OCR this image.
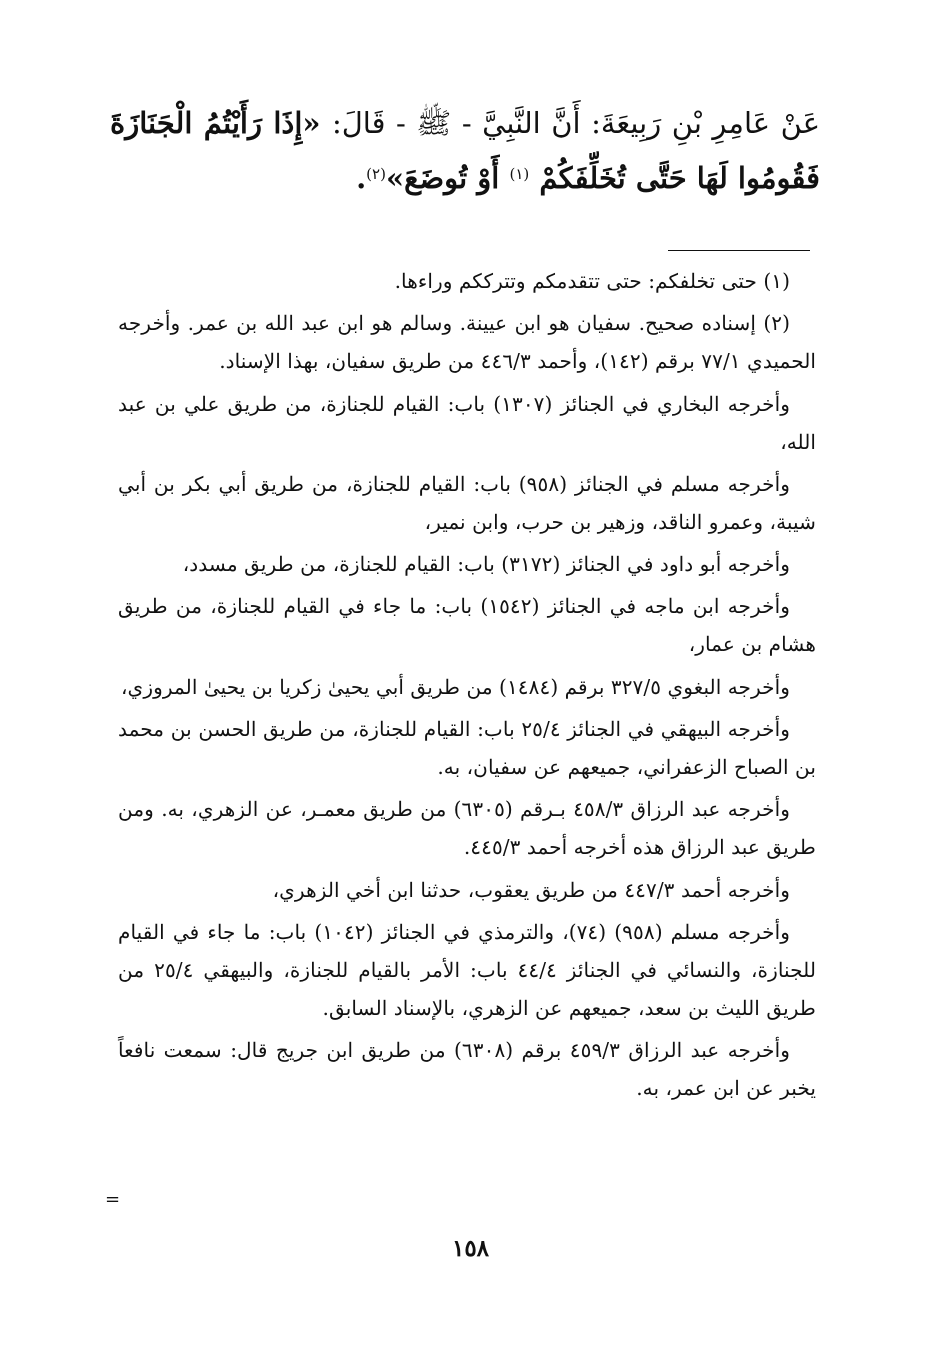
عَنْ عَامِرِ بْنِ رَبِيعَةَ: أَنَّ النَّبِيَّ - ﷺ - قَالَ: «إِذَا رَأَيْتُمُ الْجَنَازَةَ فَقُومُوا لَهَا حَتَّى تُخَلِّفَكُمْ $^{(١)}$ أَوْ تُوضَعَ»$^{(٢)}$.

(١) حتى تخلفكم: حتى تتقدمكم وتترككم وراءها.

(٢) إسناده صحيح. سفيان هو ابن عيينة. وسالم هو ابن عبد الله بن عمر. وأخرجه الحميدي ٧٧/١ برقم (١٤٢)، وأحمد ٤٤٦/٣ من طريق سفيان، بهذا الإسناد.

وأخرجه البخاري في الجنائز (١٣٠٧) باب: القيام للجنازة، من طريق علي بن عبد الله،

وأخرجه مسلم في الجنائز (٩٥٨) باب: القيام للجنازة، من طريق أبي بكر بن أبي شيبة، وعمرو الناقد، وزهير بن حرب، وابن نمير،

وأخرجه أبو داود في الجنائز (٣١٧٢) باب: القيام للجنازة، من طريق مسدد،

وأخرجه ابن ماجه في الجنائز (١٥٤٢) باب: ما جاء في القيام للجنازة، من طريق هشام بن عمار،

وأخرجه البغوي ٣٢٧/٥ برقم (١٤٨٤) من طريق أبي يحيىٰ زكريا بن يحيىٰ المروزي،

وأخرجه البيهقي في الجنائز ٢٥/٤ باب: القيام للجنازة، من طريق الحسن بن محمد بن الصباح الزعفراني، جميعهم عن سفيان، به.

وأخرجه عبد الرزاق ٤٥٨/٣ بـرقم (٦٣٠٥) من طريق معمـر، عن الزهري، به. ومن طريق عبد الرزاق هذه أخرجه أحمد ٤٤٥/٣.

وأخرجه أحمد ٤٤٧/٣ من طريق يعقوب، حدثنا ابن أخي الزهري،

وأخرجه مسلم (٩٥٨) (٧٤)، والترمذي في الجنائز (١٠٤٢) باب: ما جاء في القيام للجنازة، والنسائي في الجنائز ٤٤/٤ باب: الأمر بالقيام للجنازة، والبيهقي ٢٥/٤ من طريق الليث بن سعد، جميعهم عن الزهري، بالإسناد السابق.

وأخرجه عبد الرزاق ٤٥٩/٣ برقم (٦٣٠٨) من طريق ابن جريج قال: سمعت نافعاً يخبر عن ابن عمر، به.

=
١٥٨
